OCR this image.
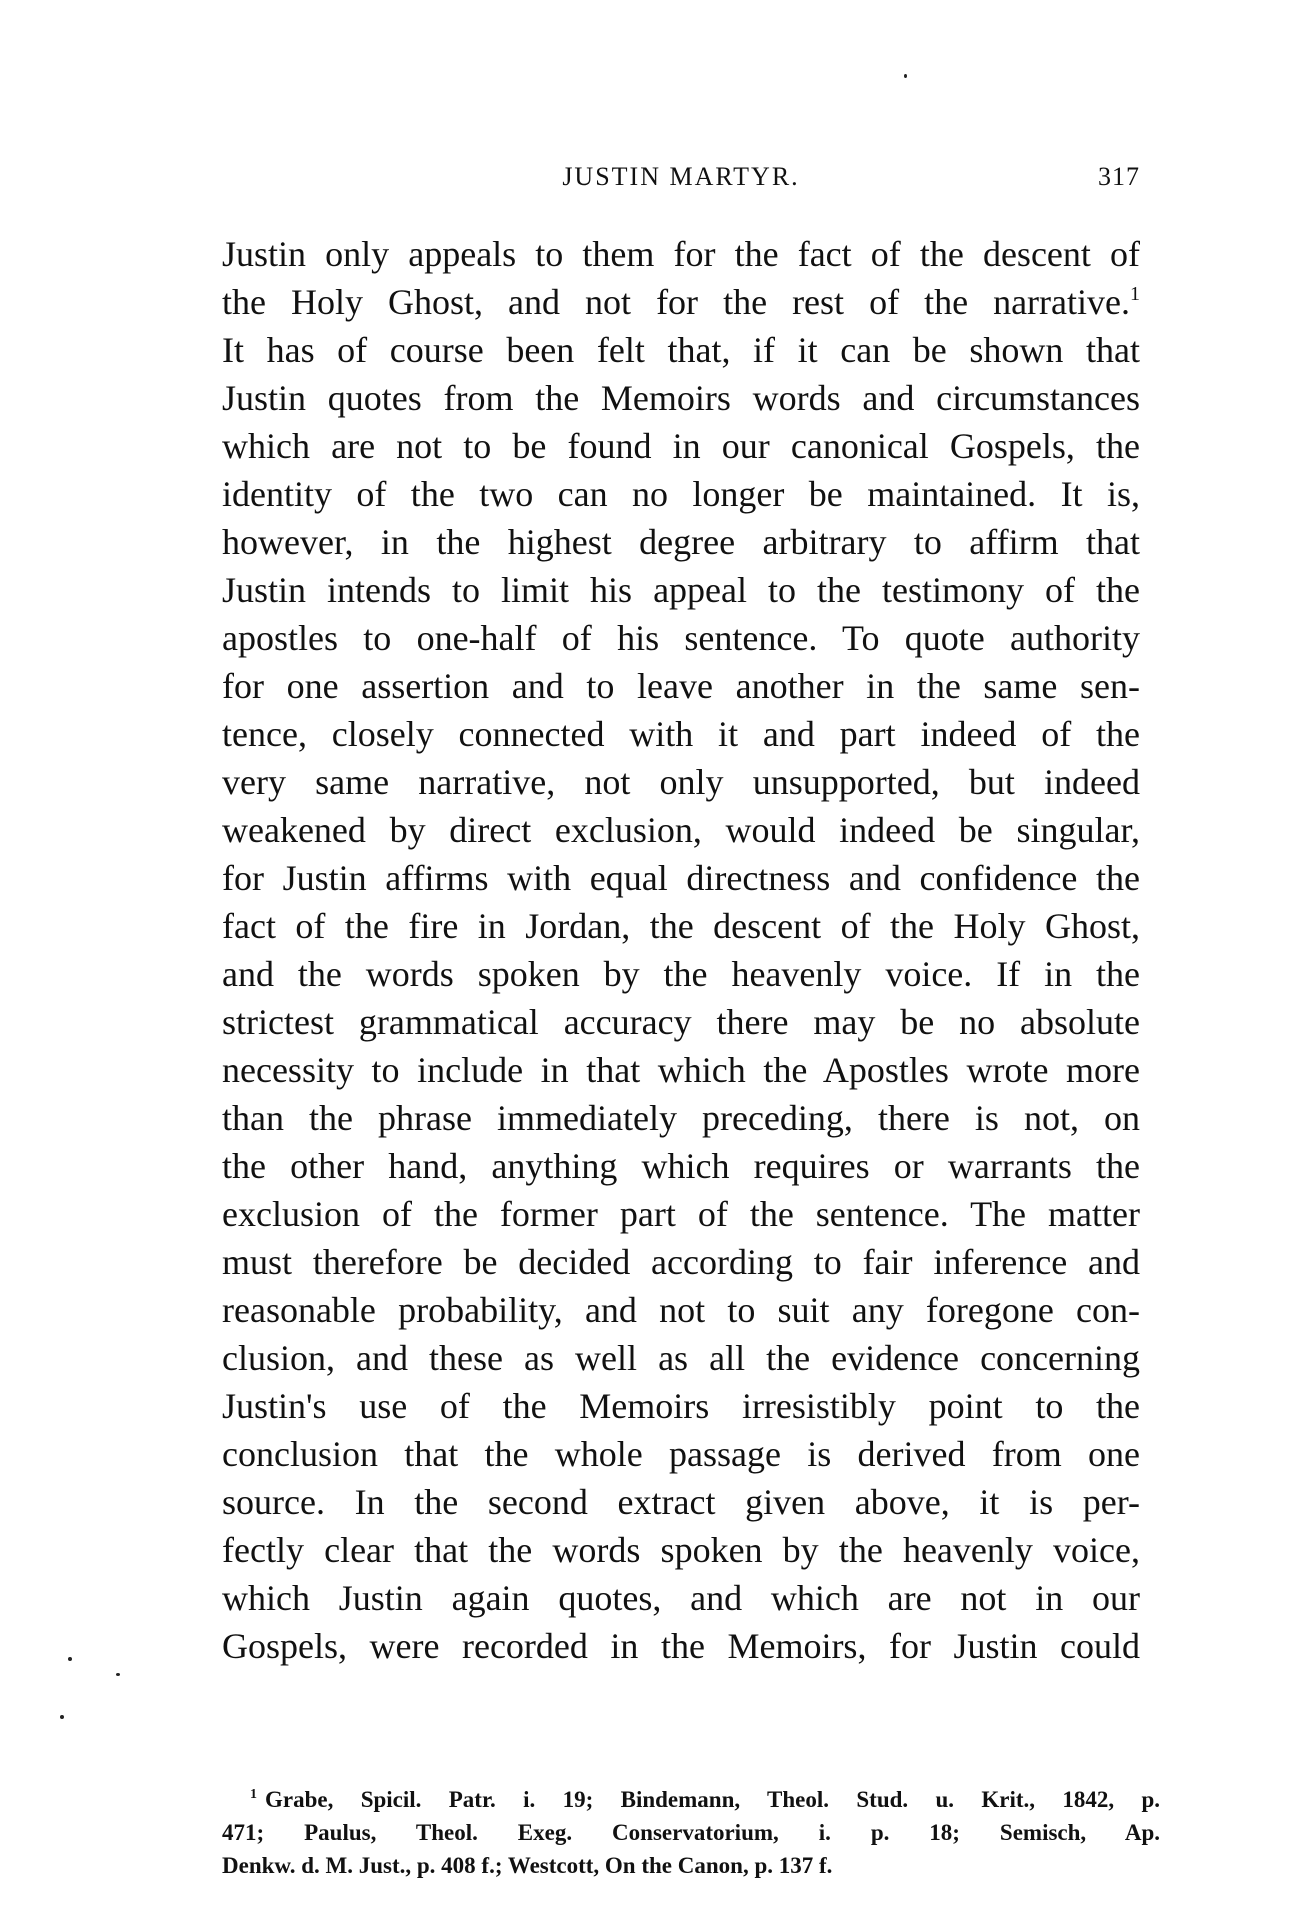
JUSTIN MARTYR.	317
Justin only appeals to them for the fact of the descent of
the Holy Ghost, and not for the rest of the narrative.$^1$
It has of course been felt that, if it can be shown that
Justin quotes from the Memoirs words and circumstances
which are not to be found in our canonical Gospels, the
identity of the two can no longer be maintained. It is,
however, in the highest degree arbitrary to affirm that
Justin intends to limit his appeal to the testimony of the
apostles to one-half of his sentence. To quote authority
for one assertion and to leave another in the same sen-
tence, closely connected with it and part indeed of the
very same narrative, not only unsupported, but indeed
weakened by direct exclusion, would indeed be singular,
for Justin affirms with equal directness and confidence the
fact of the fire in Jordan, the descent of the Holy Ghost,
and the words spoken by the heavenly voice. If in the
strictest grammatical accuracy there may be no absolute
necessity to include in that which the Apostles wrote more
than the phrase immediately preceding, there is not, on
the other hand, anything which requires or warrants the
exclusion of the former part of the sentence. The matter
must therefore be decided according to fair inference and
reasonable probability, and not to suit any foregone con-
clusion, and these as well as all the evidence concerning
Justin's use of the Memoirs irresistibly point to the
conclusion that the whole passage is derived from one
source. In the second extract given above, it is per-
fectly clear that the words spoken by the heavenly voice,
which Justin again quotes, and which are not in our
Gospels, were recorded in the Memoirs, for Justin could
$^1$ Grabe, Spicil. Patr. i. 19; Bindemann, Theol. Stud. u. Krit., 1842, p.
471; Paulus, Theol. Exeg. Conservatorium, i. p. 18; Semisch, Ap.
Denkw. d. M. Just., p. 408 f.; Westcott, On the Canon, p. 137 f.
